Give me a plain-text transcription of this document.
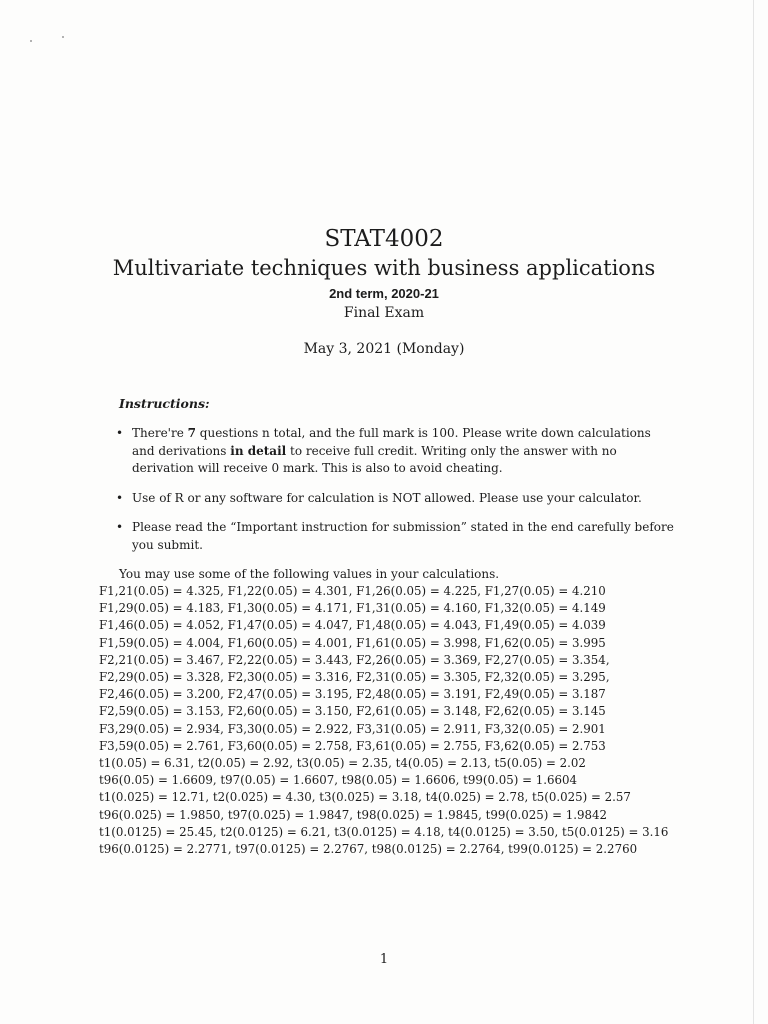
STAT4002
Multivariate techniques with business applications
2nd term, 2020-21
Final Exam
May 3, 2021 (Monday)
Instructions:
• There're 7 questions n total, and the full mark is 100. Please write down calculations and derivations in detail to receive full credit. Writing only the answer with no derivation will receive 0 mark. This is also to avoid cheating.
• Use of R or any software for calculation is NOT allowed. Please use your calculator.
• Please read the “Important instruction for submission” stated in the end carefully before you submit.
You may use some of the following values in your calculations.
F1,21(0.05) = 4.325, F1,22(0.05) = 4.301, F1,26(0.05) = 4.225, F1,27(0.05) = 4.210
F1,29(0.05) = 4.183, F1,30(0.05) = 4.171, F1,31(0.05) = 4.160, F1,32(0.05) = 4.149
F1,46(0.05) = 4.052, F1,47(0.05) = 4.047, F1,48(0.05) = 4.043, F1,49(0.05) = 4.039
F1,59(0.05) = 4.004, F1,60(0.05) = 4.001, F1,61(0.05) = 3.998, F1,62(0.05) = 3.995
F2,21(0.05) = 3.467, F2,22(0.05) = 3.443, F2,26(0.05) = 3.369, F2,27(0.05) = 3.354,
F2,29(0.05) = 3.328, F2,30(0.05) = 3.316, F2,31(0.05) = 3.305, F2,32(0.05) = 3.295,
F2,46(0.05) = 3.200, F2,47(0.05) = 3.195, F2,48(0.05) = 3.191, F2,49(0.05) = 3.187
F2,59(0.05) = 3.153, F2,60(0.05) = 3.150, F2,61(0.05) = 3.148, F2,62(0.05) = 3.145
F3,29(0.05) = 2.934, F3,30(0.05) = 2.922, F3,31(0.05) = 2.911, F3,32(0.05) = 2.901
F3,59(0.05) = 2.761, F3,60(0.05) = 2.758, F3,61(0.05) = 2.755, F3,62(0.05) = 2.753
t1(0.05) = 6.31, t2(0.05) = 2.92, t3(0.05) = 2.35, t4(0.05) = 2.13, t5(0.05) = 2.02
t96(0.05) = 1.6609, t97(0.05) = 1.6607, t98(0.05) = 1.6606, t99(0.05) = 1.6604
t1(0.025) = 12.71, t2(0.025) = 4.30, t3(0.025) = 3.18, t4(0.025) = 2.78, t5(0.025) = 2.57
t96(0.025) = 1.9850, t97(0.025) = 1.9847, t98(0.025) = 1.9845, t99(0.025) = 1.9842
t1(0.0125) = 25.45, t2(0.0125) = 6.21, t3(0.0125) = 4.18, t4(0.0125) = 3.50, t5(0.0125) = 3.16
t96(0.0125) = 2.2771, t97(0.0125) = 2.2767, t98(0.0125) = 2.2764, t99(0.0125) = 2.2760
1
